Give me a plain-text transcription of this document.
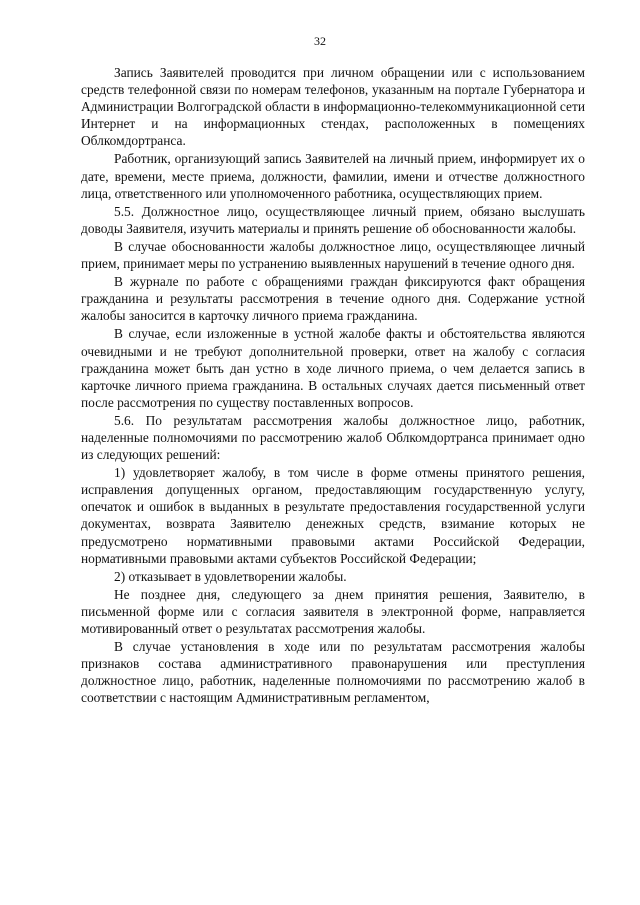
32

Запись Заявителей проводится при личном обращении или с использованием средств телефонной связи по номерам телефонов, указанным на портале Губернатора и Администрации Волгоградской области в информационно-телекоммуникационной сети Интернет и на информационных стендах, расположенных в помещениях Облкомдортранса.

Работник, организующий запись Заявителей на личный прием, информирует их о дате, времени, месте приема, должности, фамилии, имени и отчестве должностного лица, ответственного или уполномоченного работника, осуществляющих прием.

5.5. Должностное лицо, осуществляющее личный прием, обязано выслушать доводы Заявителя, изучить материалы и принять решение об обоснованности жалобы.

В случае обоснованности жалобы должностное лицо, осуществляющее личный прием, принимает меры по устранению выявленных нарушений в течение одного дня.

В журнале по работе с обращениями граждан фиксируются факт обращения гражданина и результаты рассмотрения в течение одного дня. Содержание устной жалобы заносится в карточку личного приема гражданина.

В случае, если изложенные в устной жалобе факты и обстоятельства являются очевидными и не требуют дополнительной проверки, ответ на жалобу с согласия гражданина может быть дан устно в ходе личного приема, о чем делается запись в карточке личного приема гражданина. В остальных случаях дается письменный ответ после рассмотрения по существу поставленных вопросов.

5.6. По результатам рассмотрения жалобы должностное лицо, работник, наделенные полномочиями по рассмотрению жалоб Облкомдортранса принимает одно из следующих решений:

1) удовлетворяет жалобу, в том числе в форме отмены принятого решения, исправления допущенных органом, предоставляющим государственную услугу, опечаток и ошибок в выданных в результате предоставления государственной услуги документах, возврата Заявителю денежных средств, взимание которых не предусмотрено нормативными правовыми актами Российской Федерации, нормативными правовыми актами субъектов Российской Федерации;

2) отказывает в удовлетворении жалобы.

Не позднее дня, следующего за днем принятия решения, Заявителю, в письменной форме или с согласия заявителя в электронной форме, направляется мотивированный ответ о результатах рассмотрения жалобы.

В случае установления в ходе или по результатам рассмотрения жалобы признаков состава административного правонарушения или преступления должностное лицо, работник, наделенные полномочиями по рассмотрению жалоб в соответствии с настоящим Административным регламентом,
